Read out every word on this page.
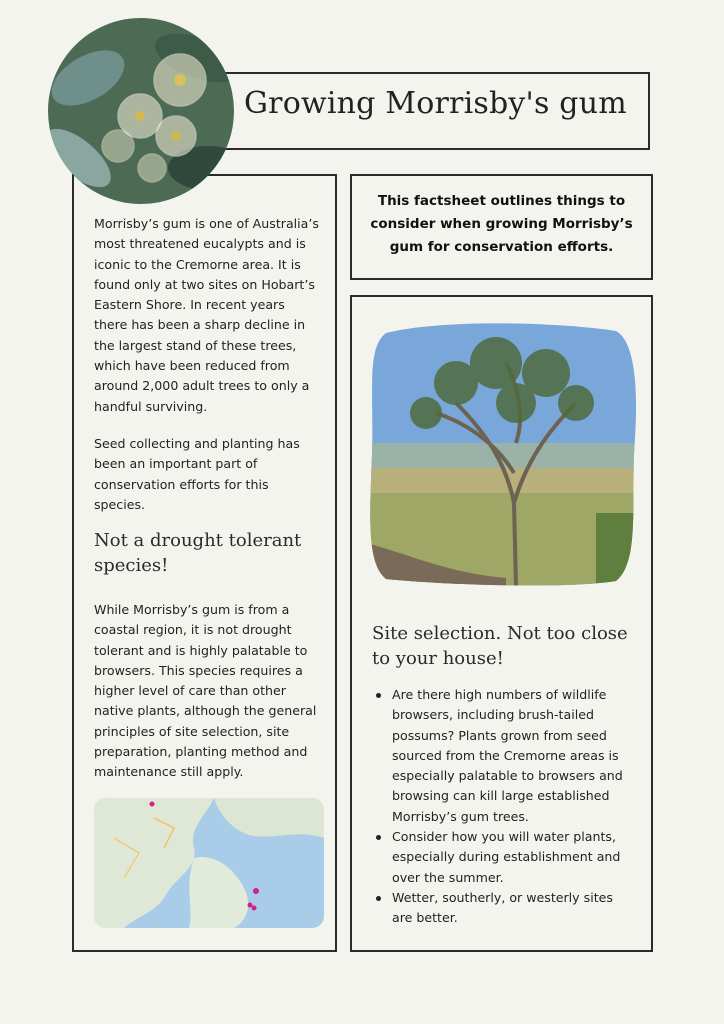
Growing Morrisby's gum

Morrisby’s gum is one of Australia’s most threatened eucalypts and is iconic to the Cremorne area. It is found only at two sites on Hobart’s Eastern Shore. In recent years there has been a sharp decline in the largest stand of these trees, which have been reduced from around 2,000 adult trees to only a handful surviving.

Seed collecting and planting has been an important part of conservation efforts for this species.

Not a drought tolerant species!

While Morrisby’s gum is from a coastal region, it is not drought tolerant and is highly palatable to browsers. This species requires a higher level of care than other native plants, although the general principles of site selection, site preparation, planting method and maintenance still apply.

This factsheet outlines things to consider when growing Morrisby’s gum for conservation efforts.

Site selection. Not too close to your house!
Are there high numbers of wildlife browsers, including brush-tailed possums? Plants grown from seed sourced from the Cremorne areas is especially palatable to browsers and browsing can kill large established Morrisby’s gum trees.
Consider how you will water plants, especially during establishment and over the summer.
Wetter, southerly, or westerly sites are better.
